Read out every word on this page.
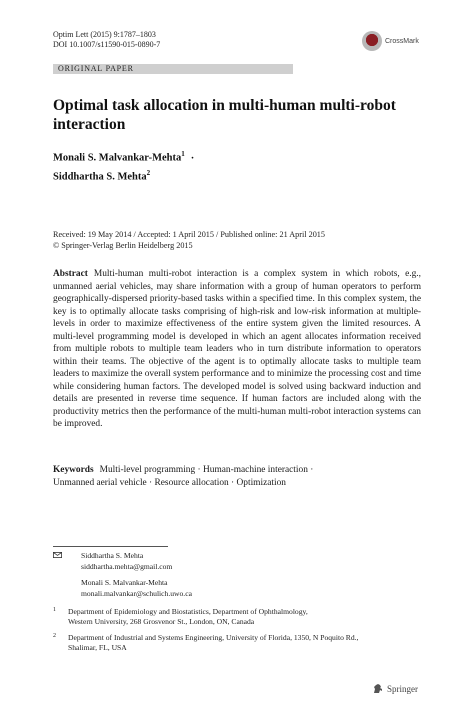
Optim Lett (2015) 9:1787–1803
DOI 10.1007/s11590-015-0890-7	CrossMark
ORIGINAL PAPER
Optimal task allocation in multi-human multi-robot
interaction
Monali S. Malvankar-Mehta$^1$ ·
Siddhartha S. Mehta$^2$
Received: 19 May 2014 / Accepted: 1 April 2015 / Published online: 21 April 2015
© Springer-Verlag Berlin Heidelberg 2015
Abstract Multi-human multi-robot interaction is a complex system in which robots, e.g., unmanned aerial vehicles, may share information with a group of human operators to perform geographically-dispersed priority-based tasks within a specified time. In this complex system, the key is to optimally allocate tasks comprising of high-risk and low-risk information at multiple-levels in order to maximize effectiveness of the entire system given the limited resources. A multi-level programming model is developed in which an agent allocates information received from multiple robots to multiple team leaders who in turn distribute information to operators within their teams. The objective of the agent is to optimally allocate tasks to multiple team leaders to maximize the overall system performance and to minimize the processing cost and time while considering human factors. The developed model is solved using backward induction and details are presented in reverse time sequence. If human factors are included along with the productivity metrics then the performance of the multi-human multi-robot interaction systems can be improved.
Keywords Multi-level programming · Human-machine interaction ·
Unmanned aerial vehicle · Resource allocation · Optimization
Siddhartha S. Mehta
siddhartha.mehta@gmail.com
Monali S. Malvankar-Mehta
monali.malvankar@schulich.uwo.ca
1 Department of Epidemiology and Biostatistics, Department of Ophthalmology,
Western University, 268 Grosvenor St., London, ON, Canada
2 Department of Industrial and Systems Engineering, University of Florida, 1350, N Poquito Rd.,
Shalimar, FL, USA
Springer
